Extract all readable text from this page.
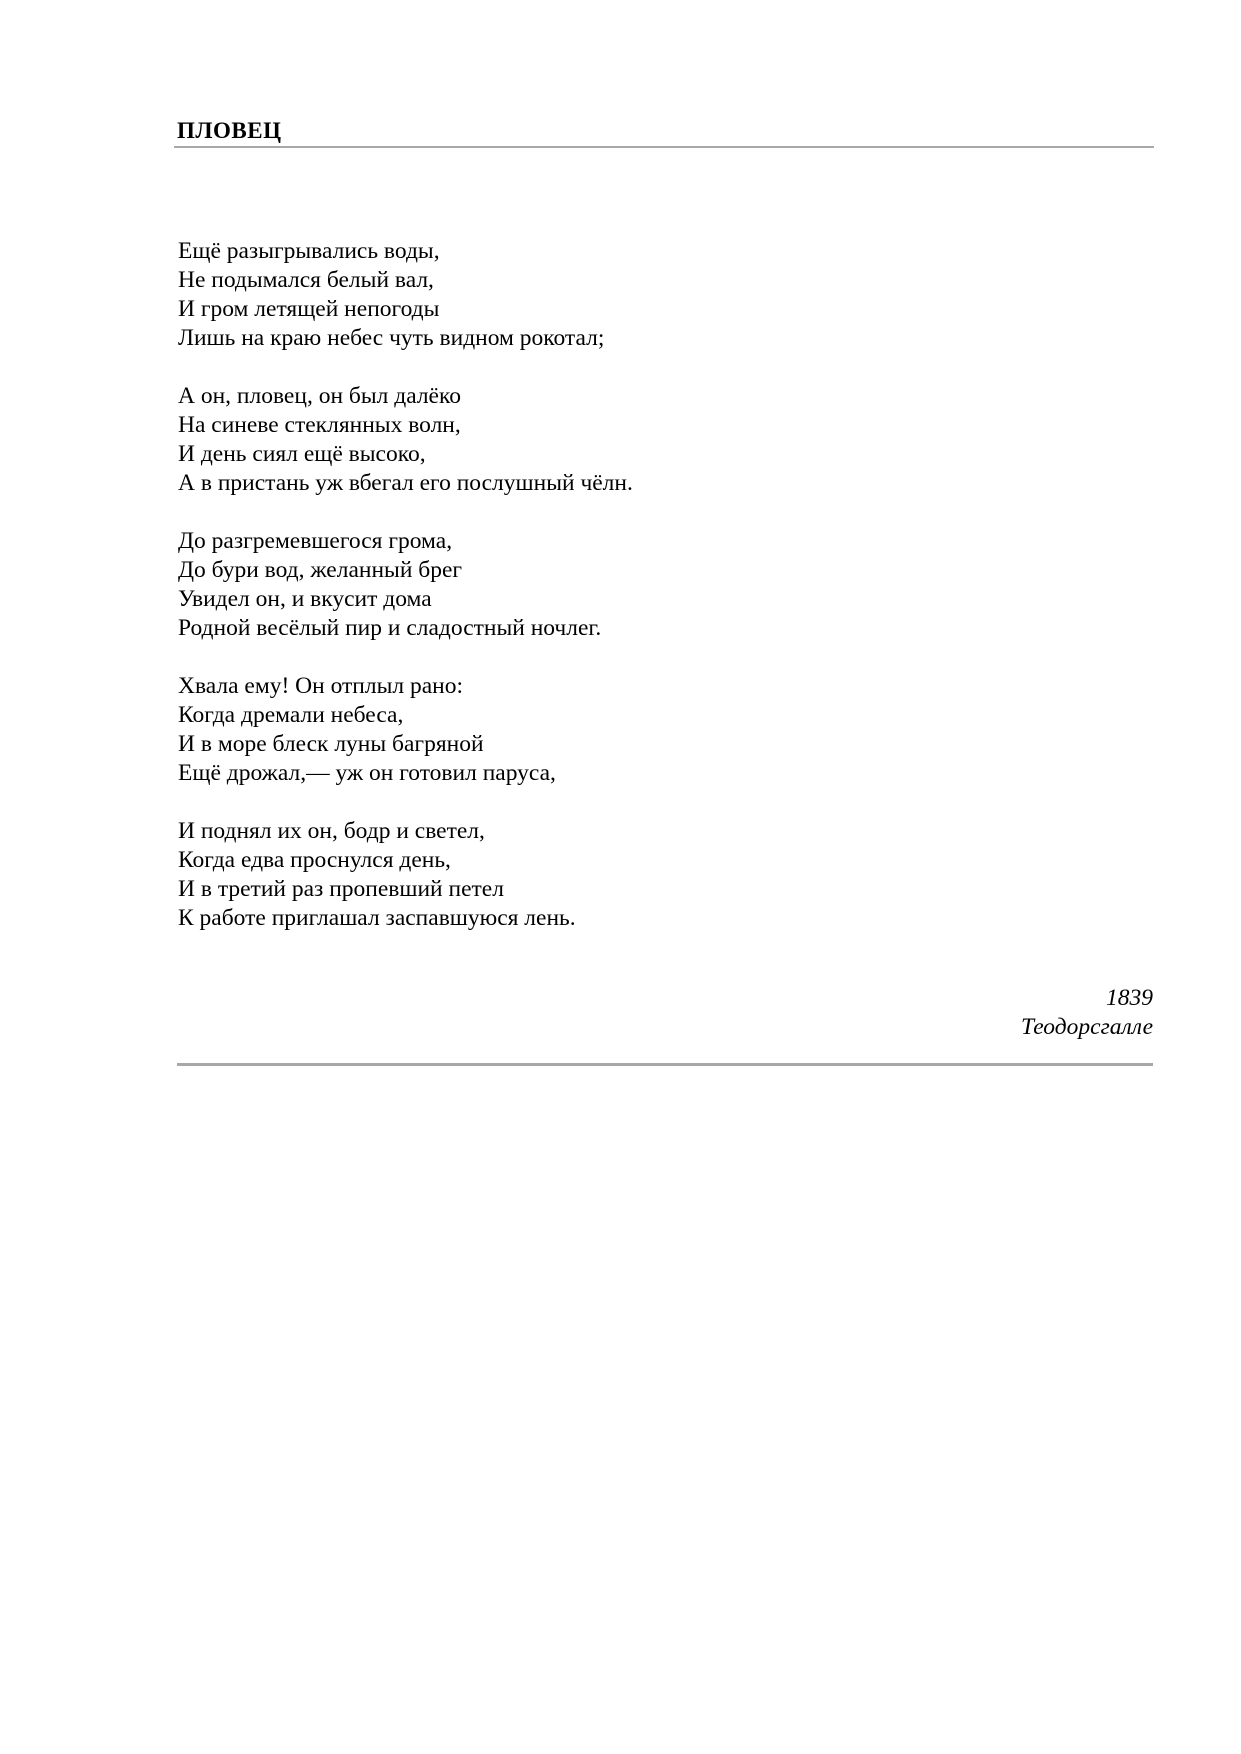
ПЛОВЕЦ
Ещё разыгрывались воды,
Не подымался белый вал,
И гром летящей непогоды
Лишь на краю небес чуть видном рокотал;
А он, пловец, он был далёко
На синеве стеклянных волн,
И день сиял ещё высоко,
А в пристань уж вбегал его послушный чёлн.
До разгремевшегося грома,
До бури вод, желанный брег
Увидел он, и вкусит дома
Родной весёлый пир и сладостный ночлег.
Хвала ему! Он отплыл рано:
Когда дремали небеса,
И в море блеск луны багряной
Ещё дрожал,— уж он готовил паруса,
И поднял их он, бодр и светел,
Когда едва проснулся день,
И в третий раз пропевший петел
К работе приглашал заспавшуюся лень.
1839
Теодорсгалле
